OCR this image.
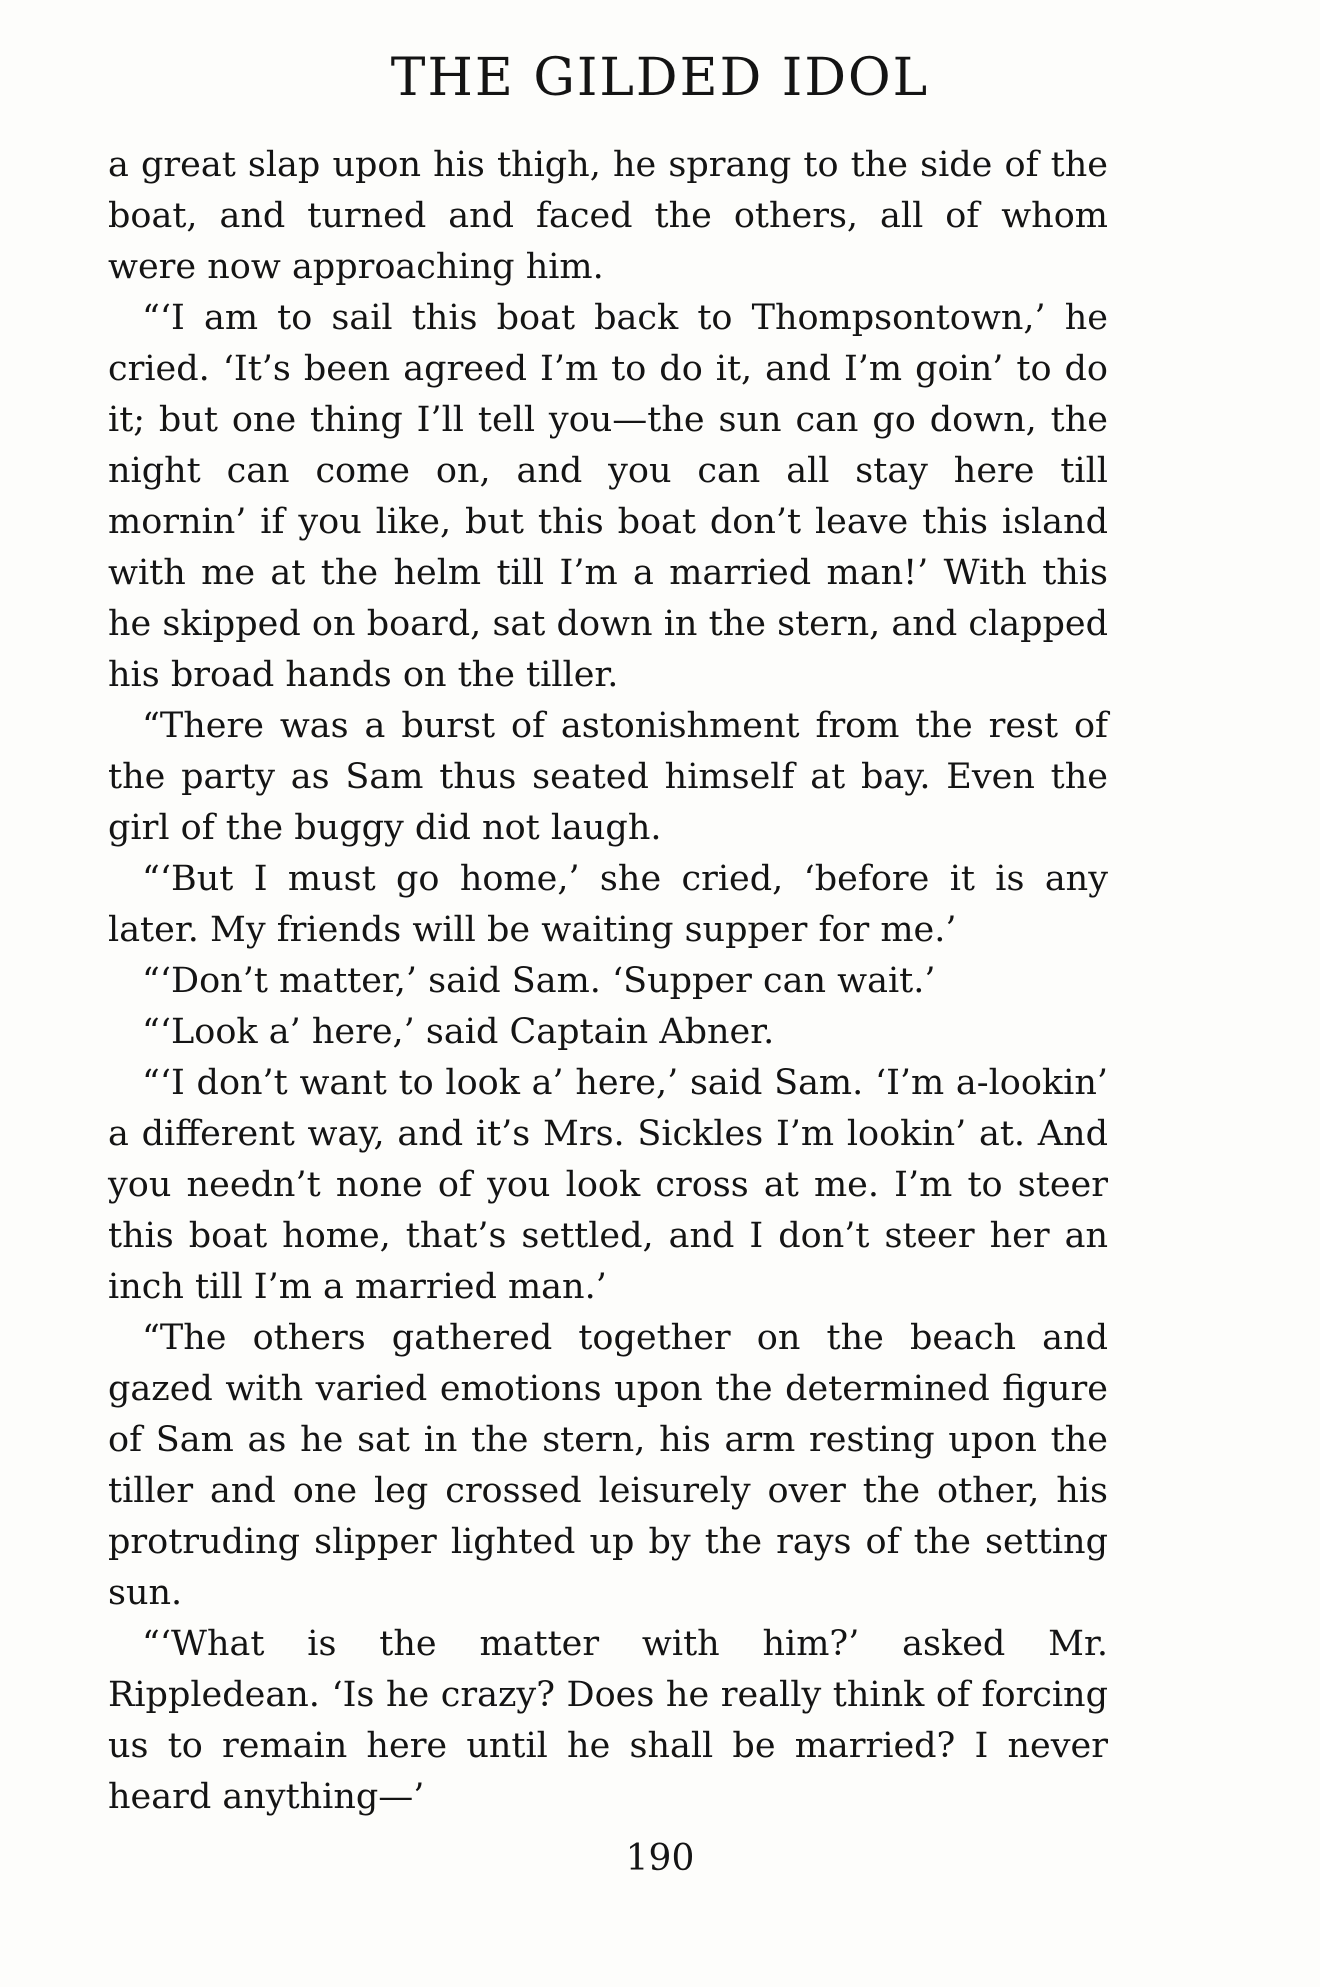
THE GILDED IDOL

a great slap upon his thigh, he sprang to the side of the boat, and turned and faced the others, all of whom were now approaching him.

“‘I am to sail this boat back to Thompsontown,’ he cried. ‘It’s been agreed I’m to do it, and I’m goin’ to do it; but one thing I’ll tell you—the sun can go down, the night can come on, and you can all stay here till mornin’ if you like, but this boat don’t leave this island with me at the helm till I’m a married man!’ With this he skipped on board, sat down in the stern, and clapped his broad hands on the tiller.

“There was a burst of astonishment from the rest of the party as Sam thus seated himself at bay. Even the girl of the buggy did not laugh.

“‘But I must go home,’ she cried, ‘before it is any later. My friends will be waiting supper for me.’

“‘Don’t matter,’ said Sam. ‘Supper can wait.’

“‘Look a’ here,’ said Captain Abner.

“‘I don’t want to look a’ here,’ said Sam. ‘I’m a-lookin’ a different way, and it’s Mrs. Sickles I’m lookin’ at. And you needn’t none of you look cross at me. I’m to steer this boat home, that’s settled, and I don’t steer her an inch till I’m a married man.’

“The others gathered together on the beach and gazed with varied emotions upon the determined figure of Sam as he sat in the stern, his arm resting upon the tiller and one leg crossed leisurely over the other, his protruding slipper lighted up by the rays of the setting sun.

“‘What is the matter with him?’ asked Mr. Rippledean. ‘Is he crazy? Does he really think of forcing us to remain here until he shall be married? I never heard anything—’

190
